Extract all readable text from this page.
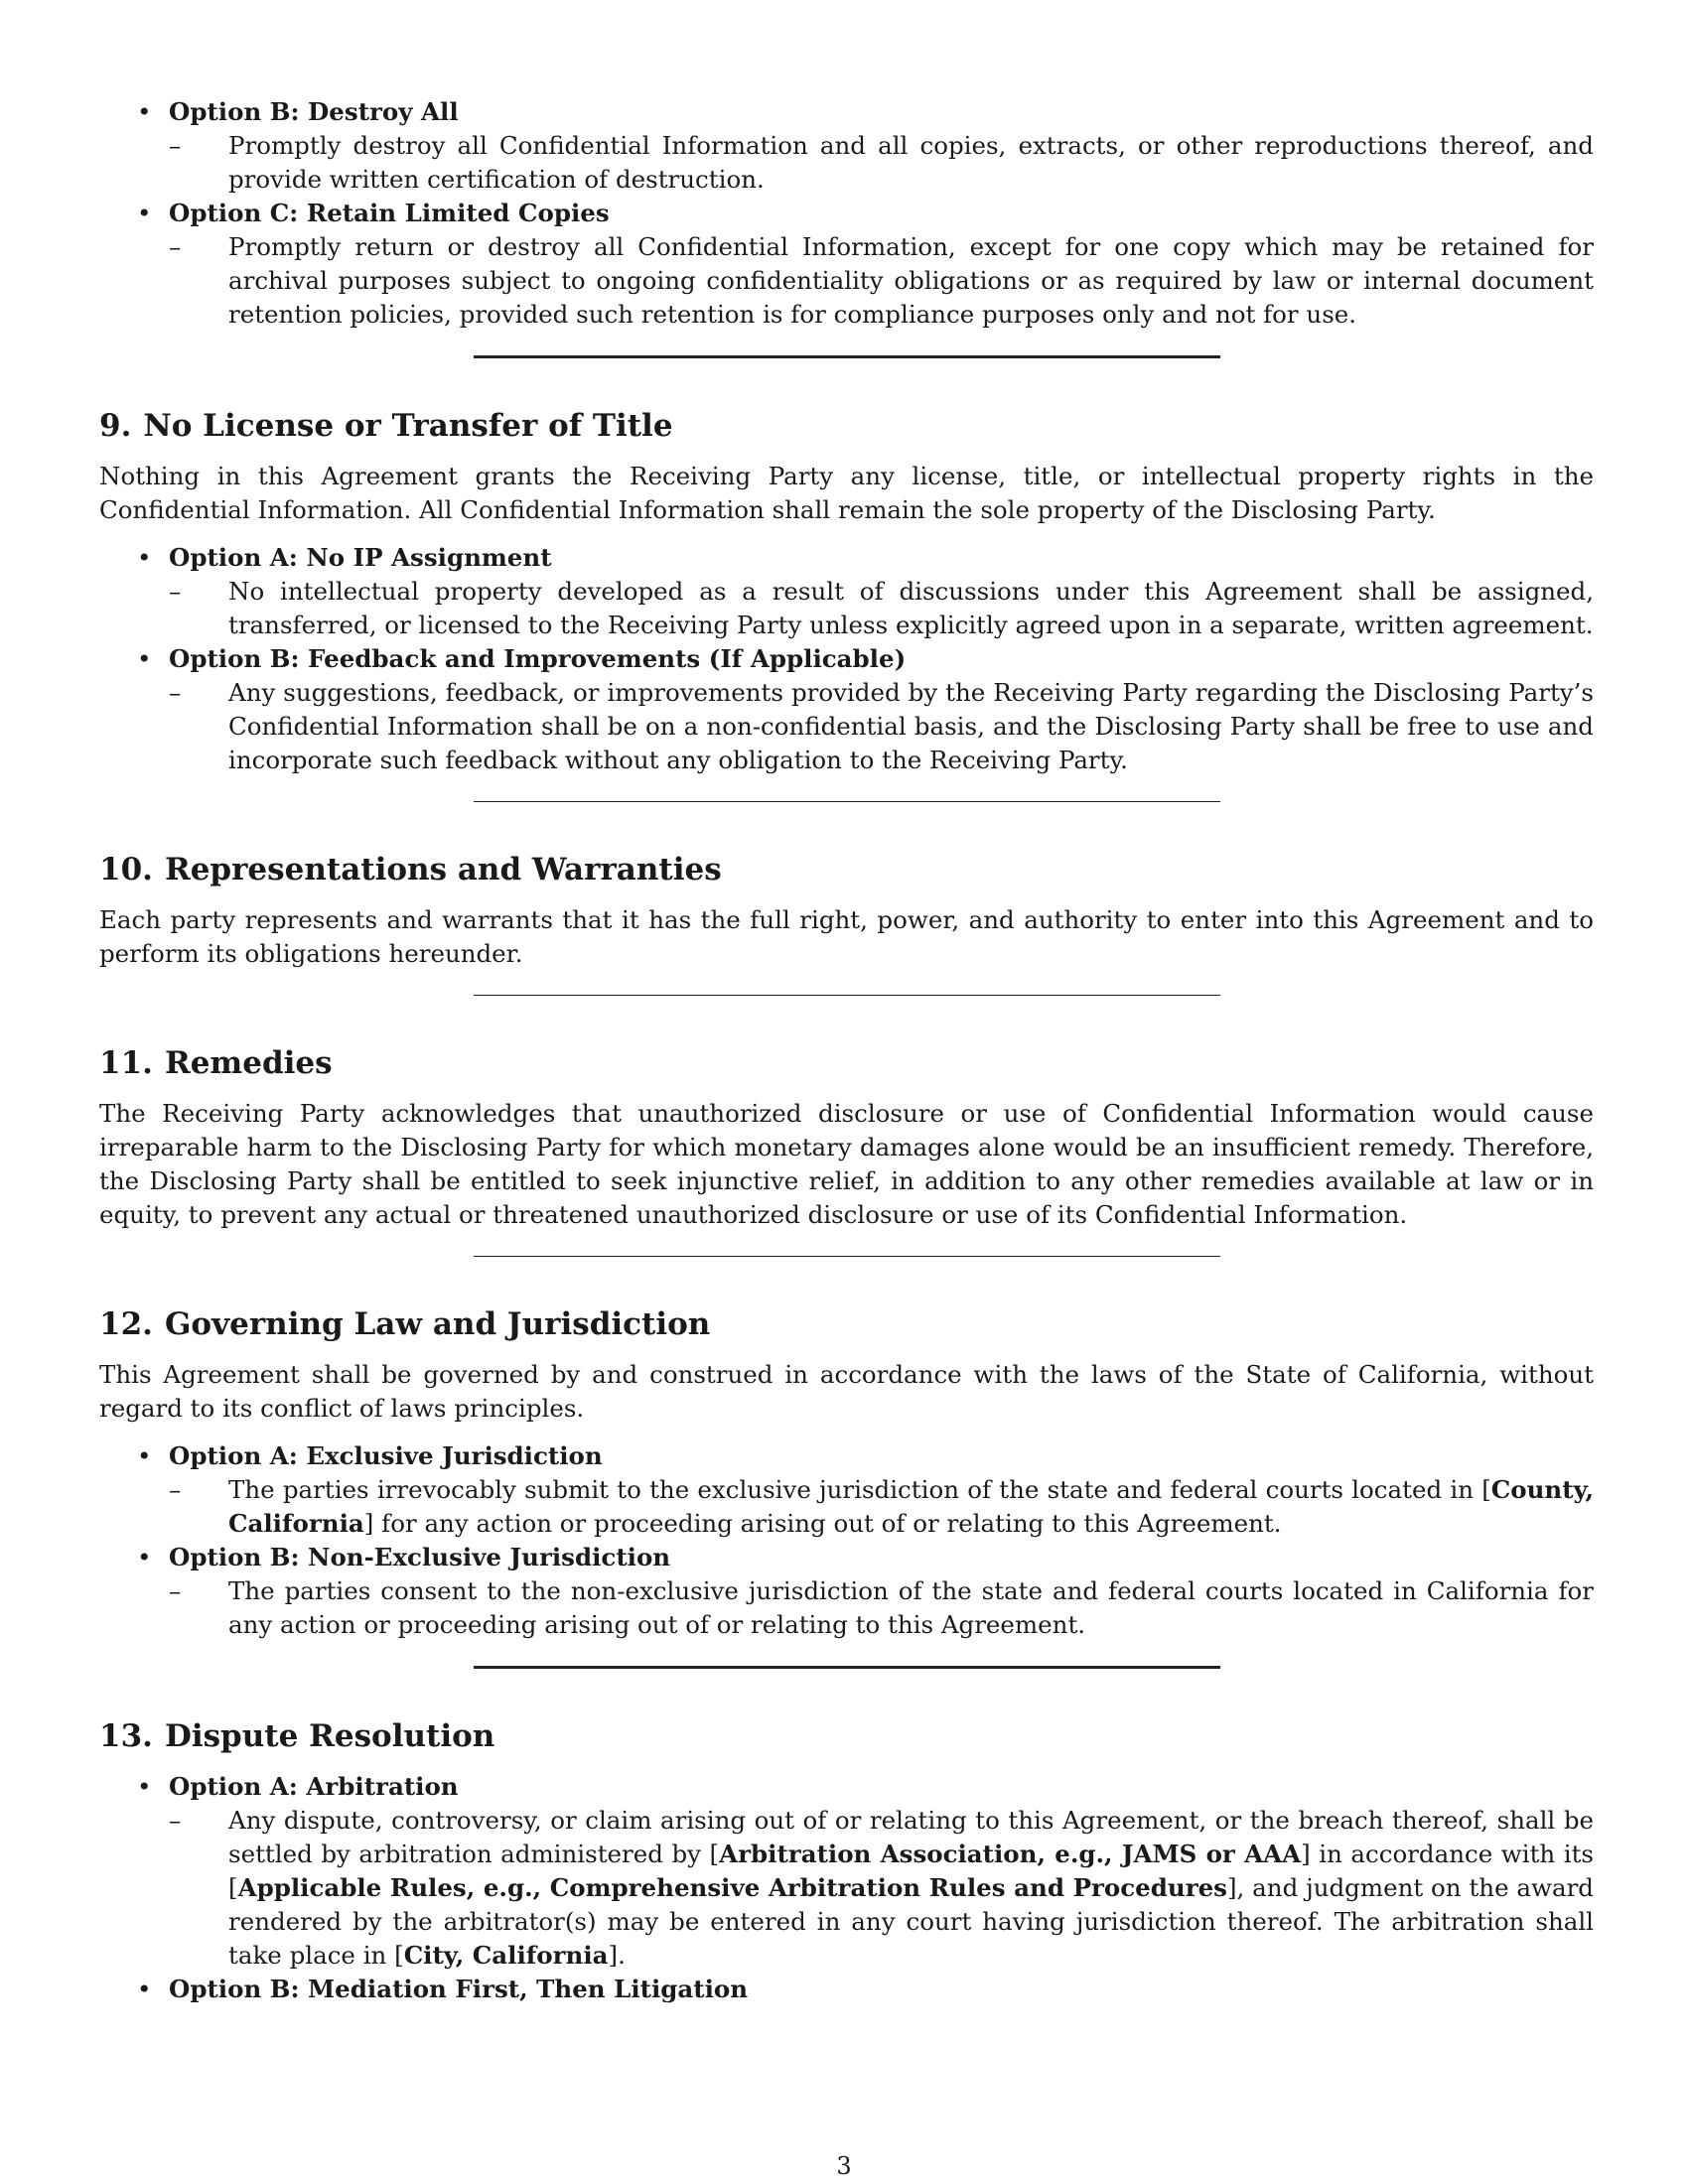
• Option B: Destroy All
– Promptly destroy all Confidential Information and all copies, extracts, or other reproductions thereof, and provide written certification of destruction.
• Option C: Retain Limited Copies
– Promptly return or destroy all Confidential Information, except for one copy which may be retained for archival purposes subject to ongoing confidentiality obligations or as required by law or internal document retention policies, provided such retention is for compliance purposes only and not for use.
9. No License or Transfer of Title

Nothing in this Agreement grants the Receiving Party any license, title, or intellectual property rights in the Confidential Information. All Confidential Information shall remain the sole property of the Disclosing Party.

• Option A: No IP Assignment
– No intellectual property developed as a result of discussions under this Agreement shall be assigned, transferred, or licensed to the Receiving Party unless explicitly agreed upon in a separate, written agreement.
• Option B: Feedback and Improvements (If Applicable)
– Any suggestions, feedback, or improvements provided by the Receiving Party regarding the Disclosing Party’s Confidential Information shall be on a non-confidential basis, and the Disclosing Party shall be free to use and incorporate such feedback without any obligation to the Receiving Party.
10. Representations and Warranties

Each party represents and warrants that it has the full right, power, and authority to enter into this Agreement and to perform its obligations hereunder.

11. Remedies

The Receiving Party acknowledges that unauthorized disclosure or use of Confidential Information would cause irreparable harm to the Disclosing Party for which monetary damages alone would be an insufficient remedy. Therefore, the Disclosing Party shall be entitled to seek injunctive relief, in addition to any other remedies available at law or in equity, to prevent any actual or threatened unauthorized disclosure or use of its Confidential Information.

12. Governing Law and Jurisdiction

This Agreement shall be governed by and construed in accordance with the laws of the State of California, without regard to its conflict of laws principles.

• Option A: Exclusive Jurisdiction
– The parties irrevocably submit to the exclusive jurisdiction of the state and federal courts located in [County, California] for any action or proceeding arising out of or relating to this Agreement.
• Option B: Non-Exclusive Jurisdiction
– The parties consent to the non-exclusive jurisdiction of the state and federal courts located in California for any action or proceeding arising out of or relating to this Agreement.
13. Dispute Resolution
• Option A: Arbitration
– Any dispute, controversy, or claim arising out of or relating to this Agreement, or the breach thereof, shall be settled by arbitration administered by [Arbitration Association, e.g., JAMS or AAA] in accordance with its [Applicable Rules, e.g., Comprehensive Arbitration Rules and Procedures], and judgment on the award rendered by the arbitrator(s) may be entered in any court having jurisdiction thereof. The arbitration shall take place in [City, California].
• Option B: Mediation First, Then Litigation
3
